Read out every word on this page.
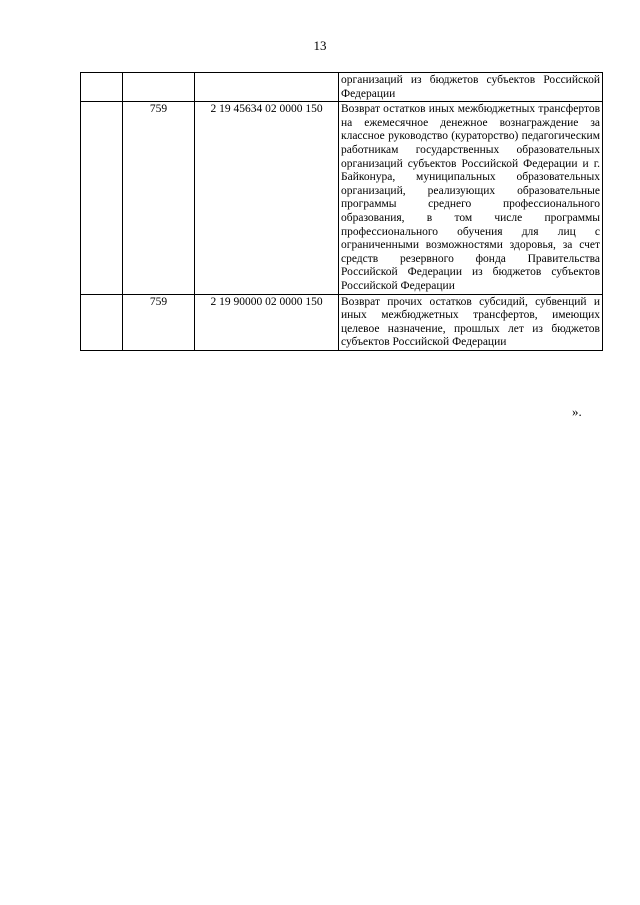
13
			организаций из бюджетов субъектов Российской Федерации
	759	2 19 45634 02 0000 150	Возврат остатков иных межбюджетных трансфертов на ежемесячное денежное вознаграждение за классное руководство (кураторство) педагогическим работникам государственных образовательных организаций субъектов Российской Федерации и г. Байконура, муниципальных образовательных организаций, реализующих образовательные программы среднего профессионального образования, в том числе программы профессионального обучения для лиц с ограниченными возможностями здоровья, за счет средств резервного фонда Правительства Российской Федерации из бюджетов субъектов Российской Федерации
	759	2 19 90000 02 0000 150	Возврат прочих остатков субсидий, субвенций и иных межбюджетных трансфертов, имеющих целевое назначение, прошлых лет из бюджетов субъектов Российской Федерации
».
